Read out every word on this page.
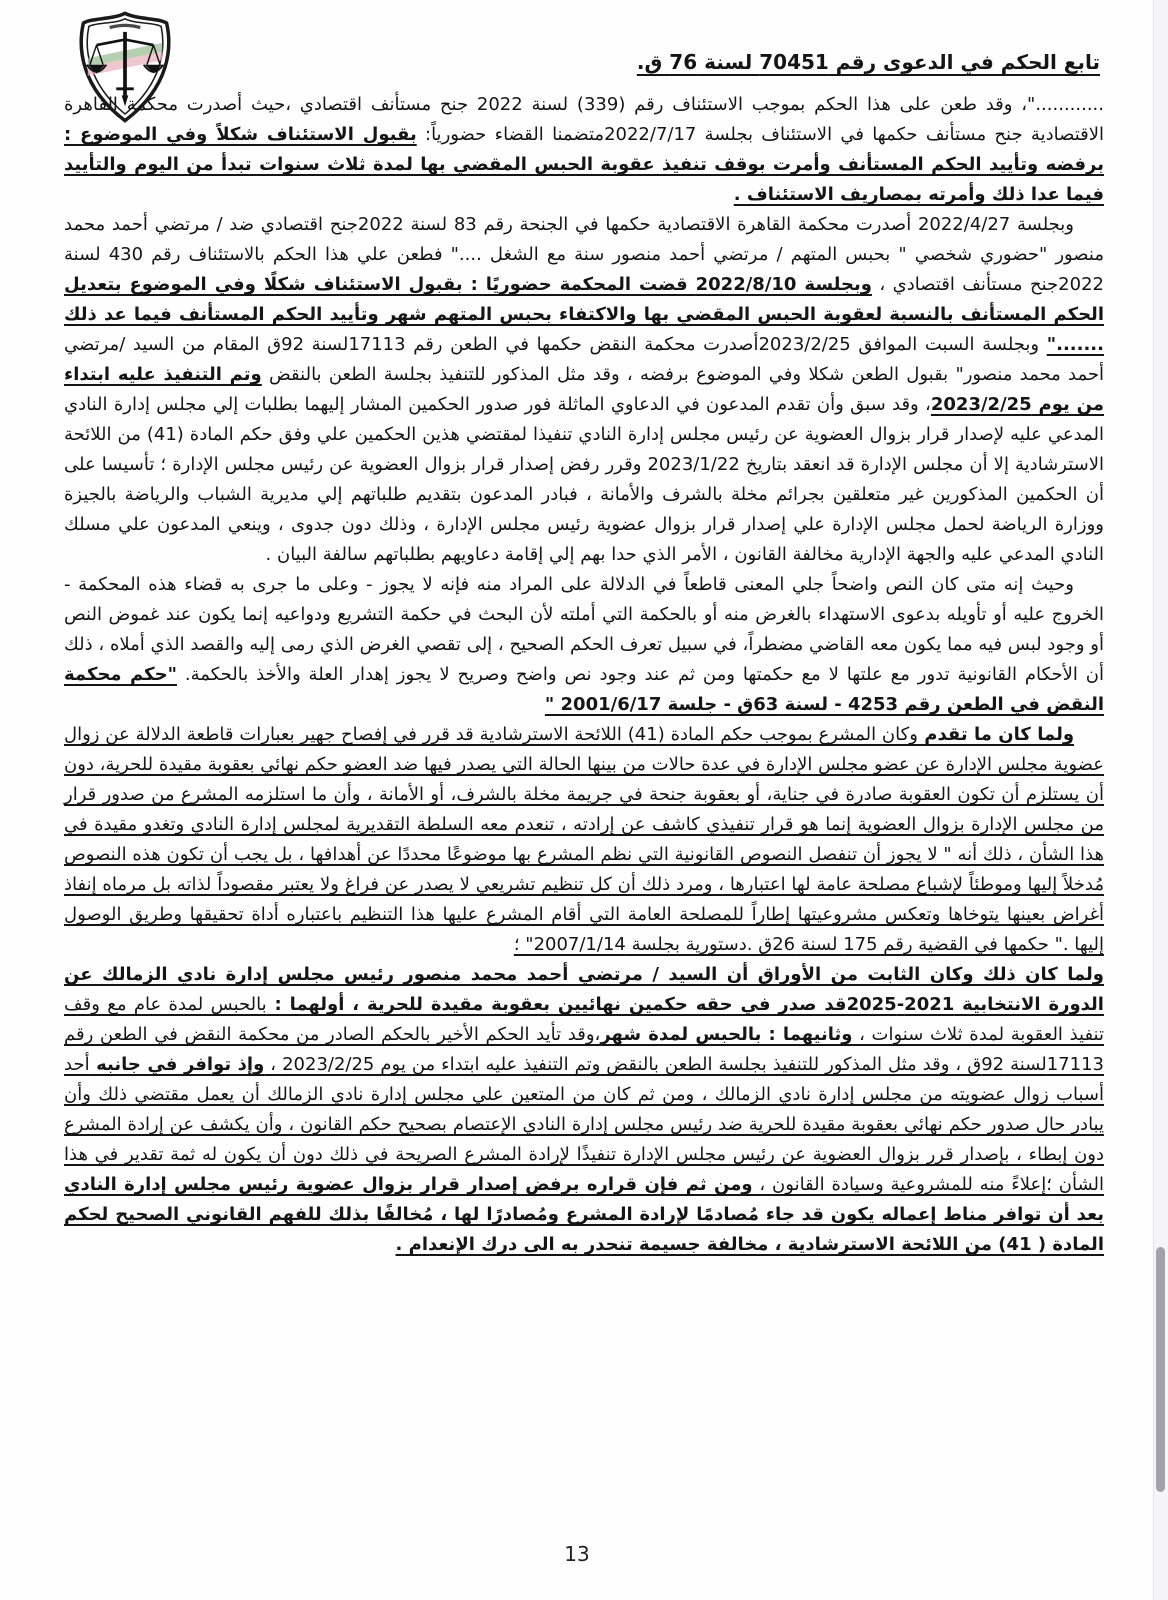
تابع الحكم في الدعوى رقم 70451 لسنة 76 ق.

............"، وقد طعن على هذا الحكم بموجب الاستئناف رقم (339) لسنة 2022 جنح مستأنف اقتصادي ،حيث أصدرت محكمة القاهرة الاقتصادية جنح مستأنف حكمها في الاستئناف بجلسة 2022/7/17متضمنا القضاء حضورياً: بقبول الاستئناف شكلاً وفي الموضوع : برفضه وتأييد الحكم المستأنف وأمرت بوقف تنفيذ عقوبة الحبس المقضي بها لمدة ثلاث سنوات تبدأ من اليوم والتأييد فيما عدا ذلك وأمرته بمصاريف الاستئناف .

وبجلسة 2022/4/27 أصدرت محكمة القاهرة الاقتصادية حكمها في الجنحة رقم 83 لسنة 2022جنح اقتصادي ضد / مرتضي أحمد محمد منصور "حضوري شخصي " بحبس المتهم / مرتضي أحمد منصور سنة مع الشغل ...." فطعن علي هذا الحكم بالاستئناف رقم 430 لسنة 2022جنح مستأنف اقتصادي ، وبجلسة 2022/8/10 قضت المحكمة حضوريًا : بقبول الاستئناف شكلًا وفي الموضوع بتعديل الحكم المستأنف بالنسبة لعقوبة الحبس المقضي بها والاكتفاء بحبس المتهم شهر وتأييد الحكم المستأنف فيما عد ذلك ......." وبجلسة السبت الموافق 2023/2/25أصدرت محكمة النقض حكمها في الطعن رقم 17113لسنة 92ق المقام من السيد /مرتضي أحمد محمد منصور" بقبول الطعن شكلا وفي الموضوع برفضه ، وقد مثل المذكور للتنفيذ بجلسة الطعن بالنقض وتم التنفيذ عليه ابتداء من يوم 2023/2/25، وقد سبق وأن تقدم المدعون في الدعاوي الماثلة فور صدور الحكمين المشار إليهما بطلبات إلي مجلس إدارة النادي المدعي عليه لإصدار قرار بزوال العضوية عن رئيس مجلس إدارة النادي تنفيذا لمقتضي هذين الحكمين علي وفق حكم المادة (41) من اللائحة الاسترشادية إلا أن مجلس الإدارة قد انعقد بتاريخ 2023/1/22 وقرر رفض إصدار قرار بزوال العضوية عن رئيس مجلس الإدارة ؛ تأسيسا على أن الحكمين المذكورين غير متعلقين بجرائم مخلة بالشرف والأمانة ، فبادر المدعون بتقديم طلباتهم إلي مديرية الشباب والرياضة بالجيزة ووزارة الرياضة لحمل مجلس الإدارة علي إصدار قرار بزوال عضوية رئيس مجلس الإدارة ، وذلك دون جدوى ، وينعي المدعون علي مسلك النادي المدعي عليه والجهة الإدارية مخالفة القانون ، الأمر الذي حدا بهم إلي إقامة دعاويهم بطلباتهم سالفة البيان .

وحيث إنه متى كان النص واضحاً جلي المعنى قاطعاً في الدلالة على المراد منه فإنه لا يجوز - وعلى ما جرى به قضاء هذه المحكمة - الخروج عليه أو تأويله بدعوى الاستهداء بالغرض منه أو بالحكمة التي أملته لأن البحث في حكمة التشريع ودواعيه إنما يكون عند غموض النص أو وجود لبس فيه مما يكون معه القاضي مضطراً، في سبيل تعرف الحكم الصحيح ، إلى تقصي الغرض الذي رمى إليه والقصد الذي أملاه ، ذلك أن الأحكام القانونية تدور مع علتها لا مع حكمتها ومن ثم عند وجود نص واضح وصريح لا يجوز إهدار العلة والأخذ بالحكمة. "حكم محكمة النقض في الطعن رقم 4253 - لسنة 63ق - جلسة 2001/6/17 "

ولما كان ما تقدم وكان المشرع بموجب حكم المادة (41) اللائحة الاسترشادية قد قرر في إفصاح جهير بعبارات قاطعة الدلالة عن زوال عضوية مجلس الإدارة عن عضو مجلس الإدارة في عدة حالات من بينها الحالة التي يصدر فيها ضد العضو حكم نهائي بعقوبة مقيدة للحرية، دون أن يستلزم أن تكون العقوبة صادرة في جناية، أو بعقوبة جنحة في جريمة مخلة بالشرف، أو الأمانة ، وأن ما استلزمه المشرع من صدور قرار من مجلس الإدارة بزوال العضوية إنما هو قرار تنفيذي كاشف عن إرادته ، تنعدم معه السلطة التقديرية لمجلس إدارة النادي وتغدو مقيدة في هذا الشأن ، ذلك أنه " لا يجوز أن تنفصل النصوص القانونية التي نظم المشرع بها موضوعًا محددًا عن أهدافها ، بل يجب أن تكون هذه النصوص مُدخلاً إليها وموطئاً لإشباع مصلحة عامة لها اعتبارها ، ومرد ذلك أن كل تنظيم تشريعي لا يصدر عن فراغ ولا يعتبر مقصوداً لذاته بل مرماه إنفاذ أغراض بعينها يتوخاها وتعكس مشروعيتها إطاراً للمصلحة العامة التي أقام المشرع عليها هذا التنظيم باعتباره أداة تحقيقها وطريق الوصول إليها ." حكمها في القضية رقم 175 لسنة 26ق .دستورية بجلسة 2007/1/14" ؛

ولما كان ذلك وكان الثابت من الأوراق أن السيد / مرتضي أحمد محمد منصور رئيس مجلس إدارة نادي الزمالك عن الدورة الانتخابية 2021-2025قد صدر في حقه حكمين نهائيين بعقوبة مقيدة للحرية ، أولهما : بالحبس لمدة عام مع وقف تنفيذ العقوبة لمدة ثلاث سنوات ، وثانيهما : بالحبس لمدة شهر،وقد تأيد الحكم الأخير بالحكم الصادر من محكمة النقض في الطعن رقم 17113لسنة 92ق ، وقد مثل المذكور للتنفيذ بجلسة الطعن بالنقض وتم التنفيذ عليه ابتداء من يوم 2023/2/25 ، وإذ توافر في جانبه أحد أسباب زوال عضويته من مجلس إدارة نادي الزمالك ، ومن ثم كان من المتعين علي مجلس إدارة نادي الزمالك أن يعمل مقتضي ذلك وأن يبادر حال صدور حكم نهائي بعقوبة مقيدة للحرية ضد رئيس مجلس إدارة النادي الإعتصام بصحيح حكم القانون ، وأن يكشف عن إرادة المشرع دون إبطاء ، بإصدار قرر بزوال العضوية عن رئيس مجلس الإدارة تنفيذًا لإرادة المشرع الصريحة في ذلك دون أن يكون له ثمة تقدير في هذا الشأن ؛إعلاءً منه للمشروعية وسيادة القانون ، ومن ثم فإن قراره برفض إصدار قرار بزوال عضوية رئيس مجلس إدارة النادي بعد أن توافر مناط إعماله يكون قد جاء مُصادمًا لإرادة المشرع ومُصادرًا لها ، مُخالفًا بذلك للفهم القانوني الصحيح لحكم المادة ( 41) من اللائحة الاسترشادية ، مخالفة جسيمة تنحدر به الى درك الإنعدام .

13
